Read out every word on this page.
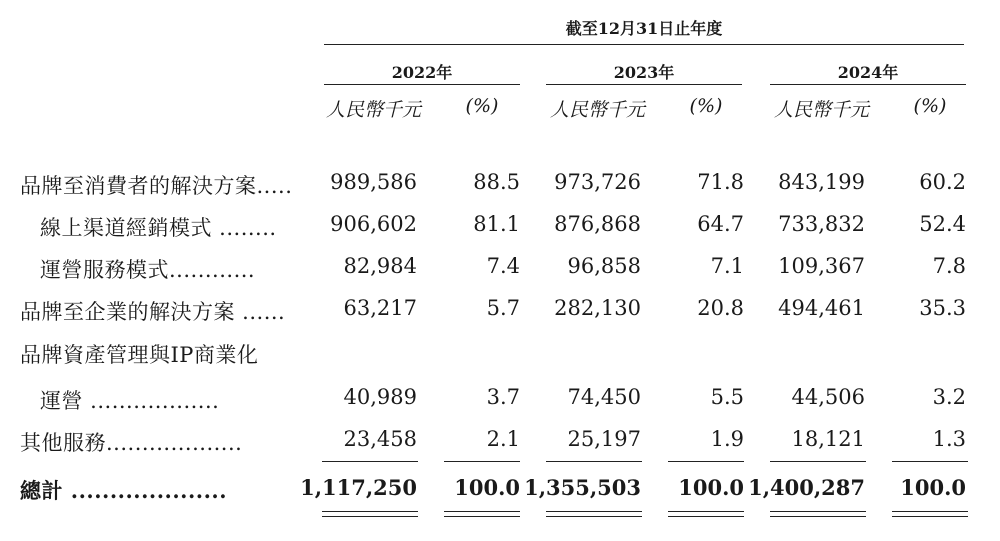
截至12月31日止年度
2022年	2023年	2024年
人民幣千元	(%)	人民幣千元	(%)	人民幣千元	(%)
品牌至消費者的解決方案.....	989,586	88.5	973,726	71.8	843,199	60.2
線上渠道經銷模式 ........	906,602	81.1	876,868	64.7	733,832	52.4
運營服務模式............	82,984	7.4	96,858	7.1	109,367	7.8
品牌至企業的解決方案 ......	63,217	5.7	282,130	20.8	494,461	35.3
品牌資產管理與IP商業化
運營 ..................	40,989	3.7	74,450	5.5	44,506	3.2
其他服務...................	23,458	2.1	25,197	1.9	18,121	1.3
總計 ....................	1,117,250	100.0 1,355,503	100.0 1,400,287	100.0
